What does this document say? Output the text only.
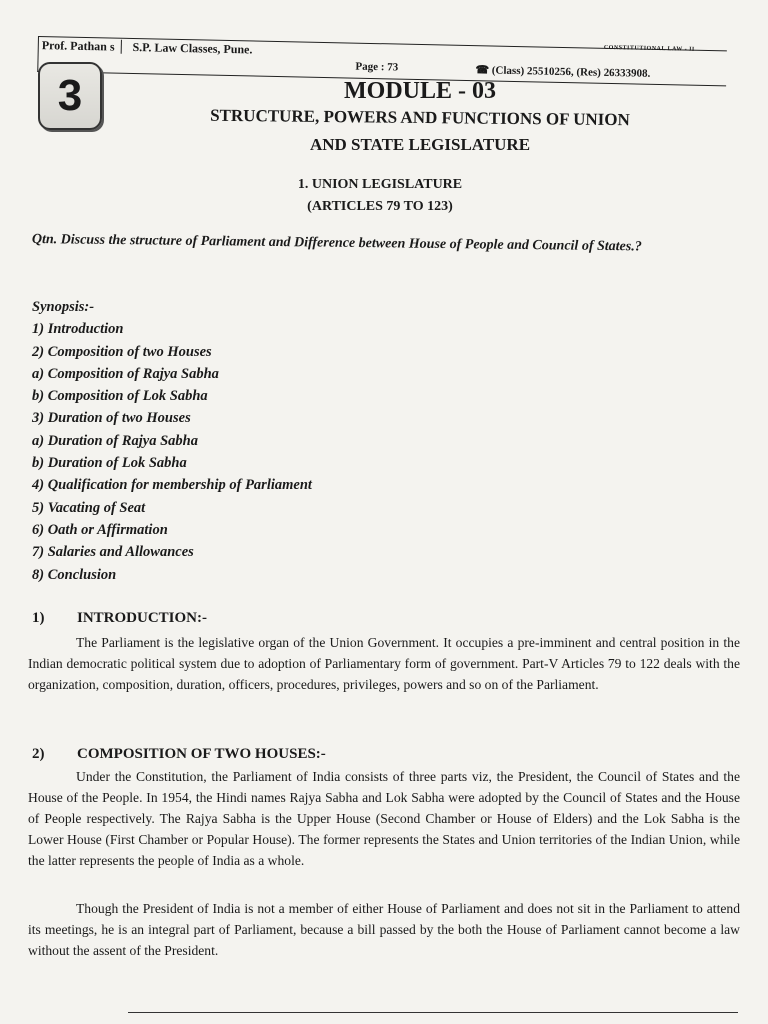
Prof. Pathan s S.P. Law Classes, Pune.
Page : 73
CONSTITUTIONAL LAW - II
☎ (Class) 25510256, (Res) 26333908.
3	MODULE - 03
STRUCTURE, POWERS AND FUNCTIONS OF UNION
AND STATE LEGISLATURE
1. UNION LEGISLATURE
(ARTICLES 79 TO 123)
Qtn. Discuss the structure of Parliament and Difference between House of People and Council of States.?
Synopsis:-
1) Introduction
2) Composition of two Houses
a) Composition of Rajya Sabha
b) Composition of Lok Sabha
3) Duration of two Houses
a) Duration of Rajya Sabha
b) Duration of Lok Sabha
4) Qualification for membership of Parliament
5) Vacating of Seat
6) Oath or Affirmation
7) Salaries and Allowances
8) Conclusion
1) INTRODUCTION:-
The Parliament is the legislative organ of the Union Government. It occupies a pre-imminent and central position in the Indian democratic political system due to adoption of Parliamentary form of government. Part-V Articles 79 to 122 deals with the organization, composition, duration, officers, procedures, privileges, powers and so on of the Parliament.
2) COMPOSITION OF TWO HOUSES:-
Under the Constitution, the Parliament of India consists of three parts viz, the President, the Council of States and the House of the People. In 1954, the Hindi names Rajya Sabha and Lok Sabha were adopted by the Council of States and the House of People respectively. The Rajya Sabha is the Upper House (Second Chamber or House of Elders) and the Lok Sabha is the Lower House (First Chamber or Popular House). The former represents the States and Union territories of the Indian Union, while the latter represents the people of India as a whole.
Though the President of India is not a member of either House of Parliament and does not sit in the Parliament to attend its meetings, he is an integral part of Parliament, because a bill passed by the both the House of Parliament cannot become a law without the assent of the President.
